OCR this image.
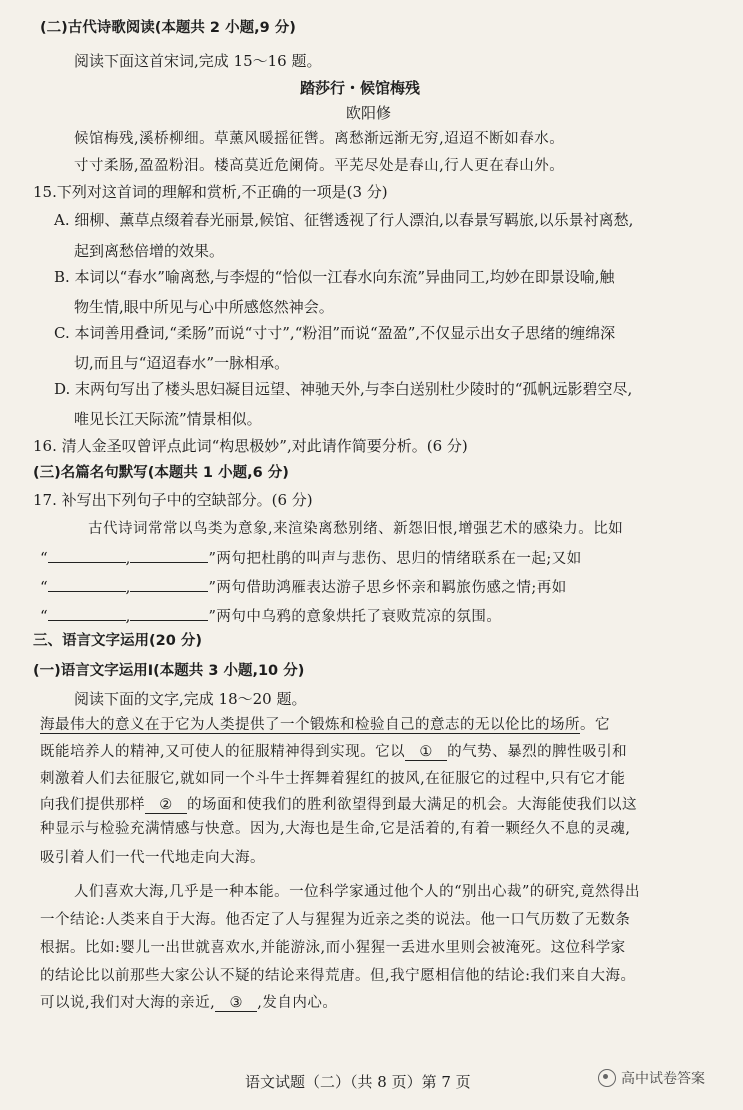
(二)古代诗歌阅读(本题共 2 小题,9 分)
阅读下面这首宋词,完成 15～16 题。
踏莎行・候馆梅残
欧阳修
候馆梅残,溪桥柳细。草薰风暖摇征辔。离愁渐远渐无穷,迢迢不断如春水。
寸寸柔肠,盈盈粉泪。楼高莫近危阑倚。平芜尽处是春山,行人更在春山外。
15.下列对这首词的理解和赏析,不正确的一项是(3 分)
A. 细柳、薰草点缀着春光丽景,候馆、征辔透视了行人漂泊,以春景写羁旅,以乐景衬离愁,
起到离愁倍增的效果。
B. 本词以“春水”喻离愁,与李煜的“恰似一江春水向东流”异曲同工,均妙在即景设喻,触
物生情,眼中所见与心中所感悠然神会。
C. 本词善用叠词,“柔肠”而说“寸寸”,“粉泪”而说“盈盈”,不仅显示出女子思绪的缠绵深
切,而且与“迢迢春水”一脉相承。
D. 末两句写出了楼头思妇凝目远望、神驰天外,与李白送别杜少陵时的“孤帆远影碧空尽,
唯见长江天际流”情景相似。
16. 清人金圣叹曾评点此词“构思极妙”,对此请作简要分析。(6 分)
(三)名篇名句默写(本题共 1 小题,6 分)
17. 补写出下列句子中的空缺部分。(6 分)
三、语言文字运用(20 分)
(一)语言文字运用Ⅰ(本题共 3 小题,10 分)
阅读下面的文字,完成 18～20 题。
种显示与检验充满情感与快意。因为,大海也是生命,它是活着的,有着一颗经久不息的灵魂,
吸引着人们一代一代地走向大海。
人们喜欢大海,几乎是一种本能。一位科学家通过他个人的“别出心裁”的研究,竟然得出
一个结论:人类来自于大海。他否定了人与猩猩为近亲之类的说法。他一口气历数了无数条
根据。比如:婴儿一出世就喜欢水,并能游泳,而小猩猩一丢进水里则会被淹死。这位科学家
的结论比以前那些大家公认不疑的结论来得荒唐。但,我宁愿相信他的结论:我们来自大海。
古代诗词常常以鸟类为意象,来渲染离愁别绪、新怨旧恨,增强艺术的感染力。比如
“	,	”两句把杜鹃的叫声与悲伤、思归的情绪联系在一起;又如
“	,	”两句借助鸿雁表达游子思乡怀亲和羁旅伤感之情;再如
“	,	”两句中乌鸦的意象烘托了衰败荒凉的氛围。
海最伟大的意义在于它为人类提供了一个锻炼和检验自己的意志的无以伦比的场所。它
既能培养人的精神,又可使人的征服精神得到实现。它以 ① 的气势、暴烈的脾性吸引和
刺激着人们去征服它,就如同一个斗牛士挥舞着猩红的披风,在征服它的过程中,只有它才能
向我们提供那样 ② 的场面和使我们的胜利欲望得到最大满足的机会。大海能使我们以这
可以说,我们对大海的亲近, ③ ,发自内心。
语文试题（二）（共 8 页）第 7 页	高中试卷答案
